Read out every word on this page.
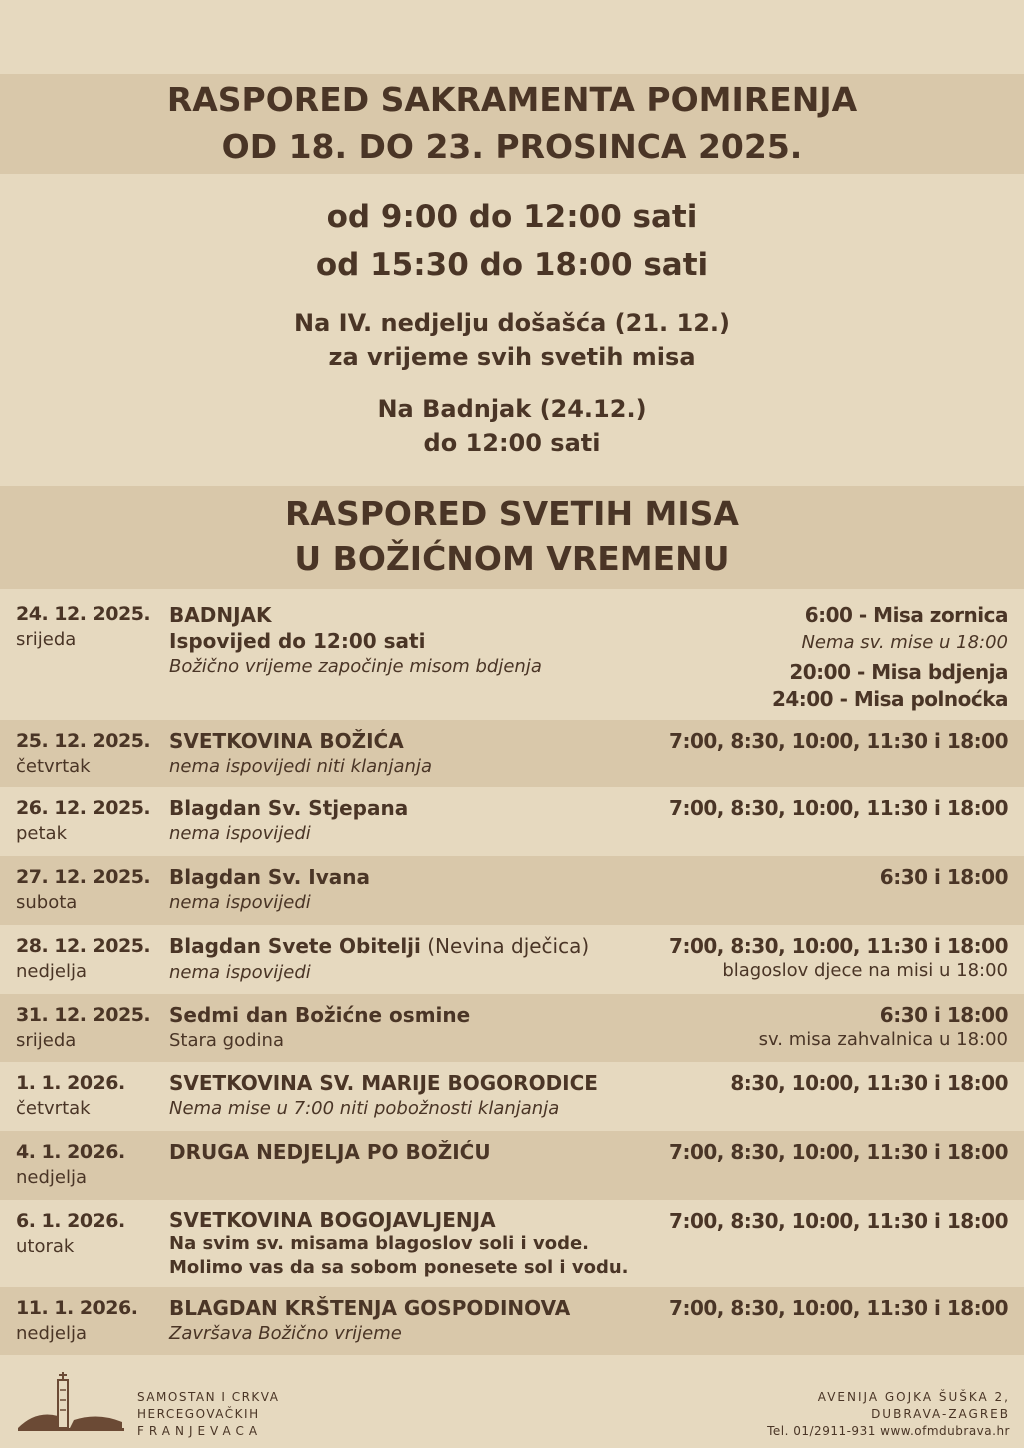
RASPORED SAKRAMENTA POMIRENJA
OD 18. DO 23. PROSINCA 2025.
od 9:00 do 12:00 sati
od 15:30 do 18:00 sati
Na IV. nedjelju došašća (21. 12.)
za vrijeme svih svetih misa
Na Badnjak (24.12.)
do 12:00 sati
RASPORED SVETIH MISA
U BOŽIĆNOM VREMENU
24. 12. 2025.
srijeda
BADNJAK
Ispovijed do 12:00 sati
Božično vrijeme započinje misom bdjenja
6:00 - Misa zornica
Nema sv. mise u 18:00
20:00 - Misa bdjenja
24:00 - Misa polnoćka
25. 12. 2025.
četvrtak
SVETKOVINA BOŽIĆA
nema ispovijedi niti klanjanja
7:00, 8:30, 10:00, 11:30 i 18:00
26. 12. 2025.
petak
Blagdan Sv. Stjepana
nema ispovijedi
7:00, 8:30, 10:00, 11:30 i 18:00
27. 12. 2025.
subota
Blagdan Sv. Ivana
nema ispovijedi
6:30 i 18:00
28. 12. 2025.
nedjelja
Blagdan Svete Obitelji (Nevina dječica)
nema ispovijedi
7:00, 8:30, 10:00, 11:30 i 18:00
blagoslov djece na misi u 18:00
31. 12. 2025.
srijeda
Sedmi dan Božićne osmine
Stara godina
6:30 i 18:00
sv. misa zahvalnica u 18:00
1. 1. 2026.
četvrtak
SVETKOVINA SV. MARIJE BOGORODICE
Nema mise u 7:00 niti pobožnosti klanjanja
8:30, 10:00, 11:30 i 18:00
4. 1. 2026.
nedjelja
DRUGA NEDJELJA PO BOŽIĆU	7:00, 8:30, 10:00, 11:30 i 18:00
6. 1. 2026.
utorak
SVETKOVINA BOGOJAVLJENJA
Na svim sv. misama blagoslov soli i vode.
Molimo vas da sa sobom ponesete sol i vodu.
7:00, 8:30, 10:00, 11:30 i 18:00
11. 1. 2026.
nedjelja
BLAGDAN KRŠTENJA GOSPODINOVA
Završava Božično vrijeme
7:00, 8:30, 10:00, 11:30 i 18:00
SAMOSTAN I CRKVA
HERCEGOVAČKIH
FRANJEVACA
AVENIJA GOJKA ŠUŠKA 2,
DUBRAVA-ZAGREB
Tel. 01/2911-931 www.ofmdubrava.hr
